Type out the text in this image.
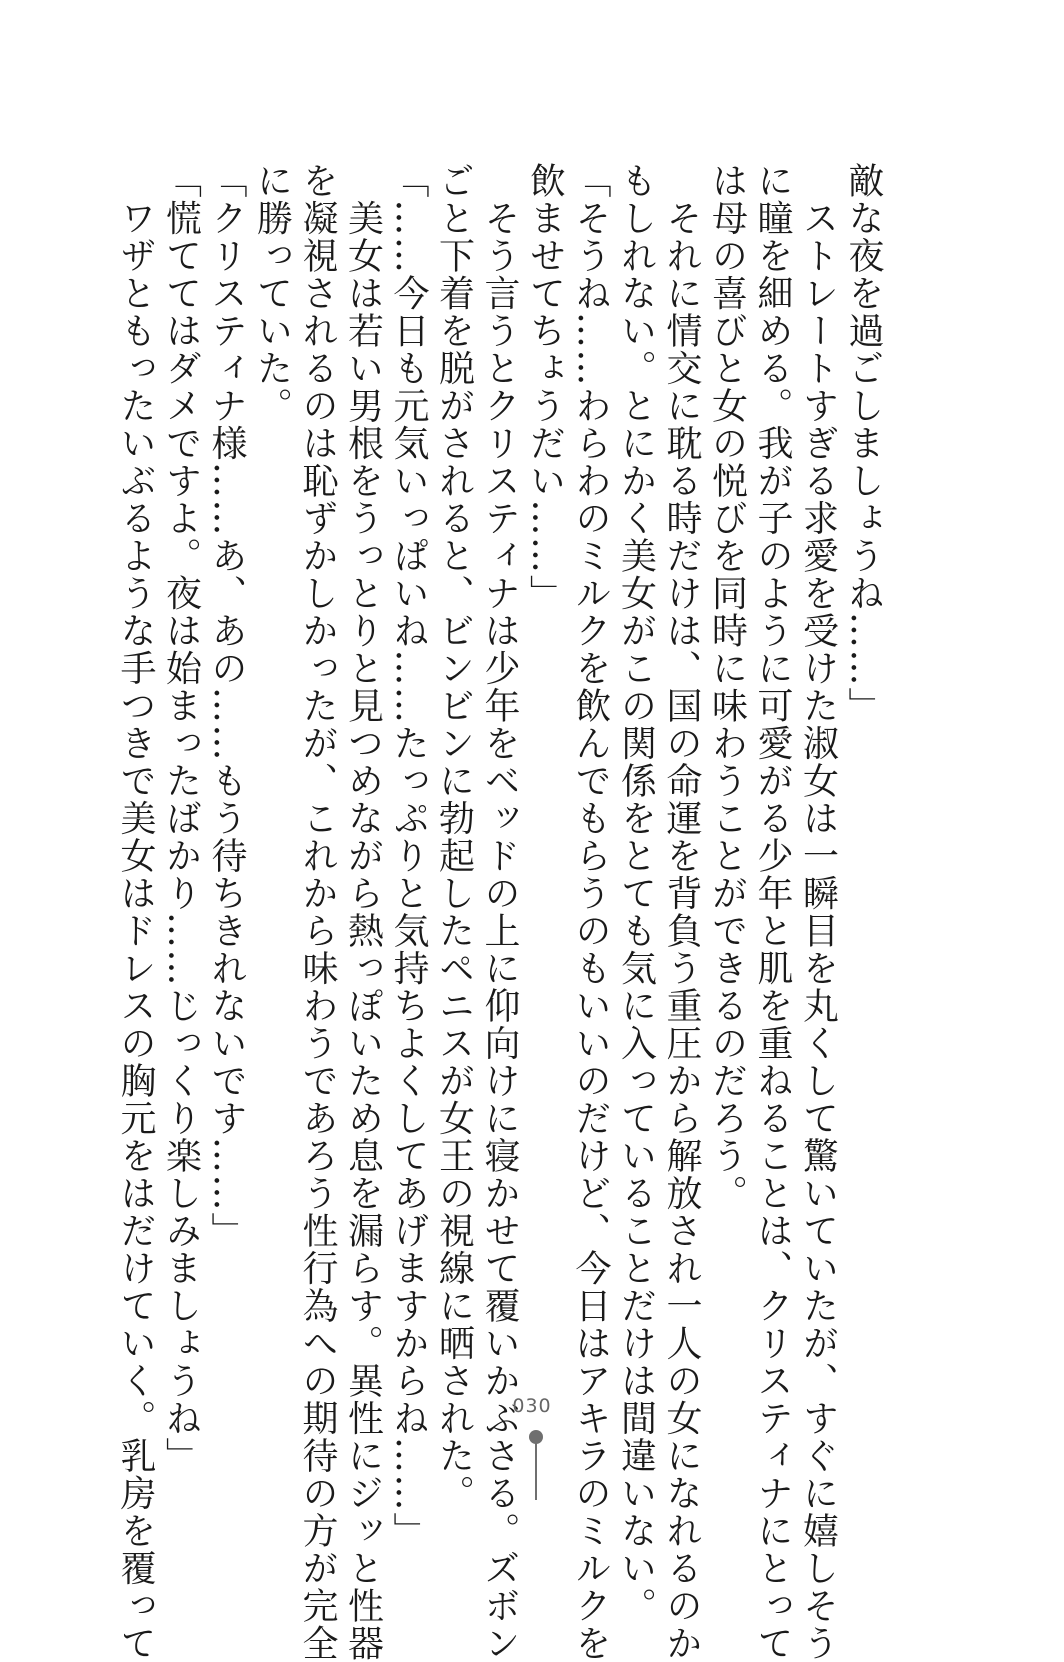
敵な夜を過ごしましょうね……」
　ストレートすぎる求愛を受けた淑女は一瞬目を丸くして驚いていたが、すぐに嬉しそう
に瞳を細める。我が子のように可愛がる少年と肌を重ねることは、クリスティナにとって
は母の喜びと女の悦びを同時に味わうことができるのだろう。
　それに情交に耽る時だけは、国の命運を背負う重圧から解放され一人の女になれるのか
もしれない。とにかく美女がこの関係をとても気に入っていることだけは間違いない。
「そうね……わらわのミルクを飲んでもらうのもいいのだけど、今日はアキラのミルクを
飲ませてちょうだい……」
　そう言うとクリスティナは少年をベッドの上に仰向けに寝かせて覆いかぶさる。ズボン
ごと下着を脱がされると、ビンビンに勃起したペニスが女王の視線に晒された。
「……今日も元気いっぱいね……たっぷりと気持ちよくしてあげますからね……」
　美女は若い男根をうっとりと見つめながら熱っぽいため息を漏らす。異性にジッと性器
を凝視されるのは恥ずかしかったが、これから味わうであろう性行為への期待の方が完全
に勝っていた。
「クリスティナ様……あ、あの……もう待ちきれないです……」
「慌ててはダメですよ。夜は始まったばかり……じっくり楽しみましょうね」
　ワザともったいぶるような手つきで美女はドレスの胸元をはだけていく。乳房を覆って	030
